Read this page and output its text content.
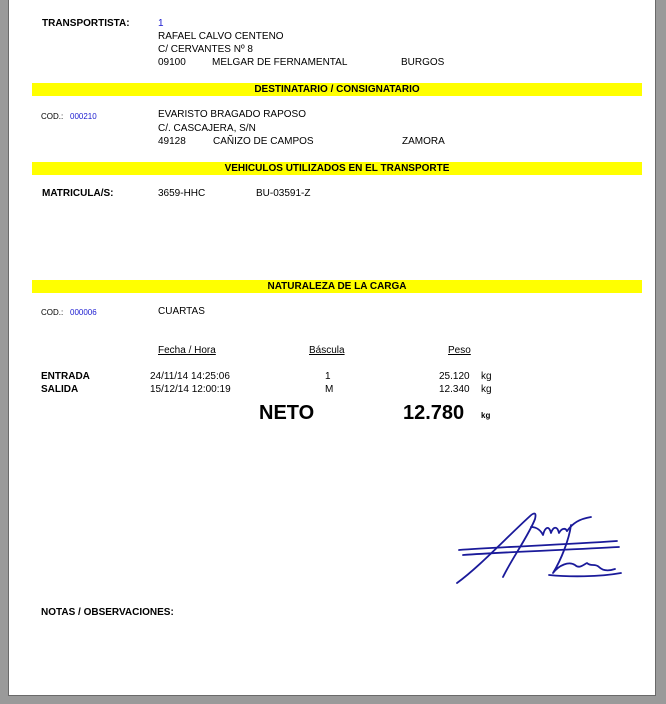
TRANSPORTISTA:	1
RAFAEL CALVO CENTENO
C/ CERVANTES Nº 8
09100	MELGAR DE FERNAMENTAL	BURGOS
DESTINATARIO / CONSIGNATARIO
COD.: 000210	EVARISTO BRAGADO RAPOSO
C/. CASCAJERA, S/N
49128	CAÑIZO DE CAMPOS	ZAMORA
VEHICULOS UTILIZADOS EN EL TRANSPORTE
MATRICULA/S:	3659-HHC	BU-03591-Z
NATURALEZA DE LA CARGA
COD.: 000006	CUARTAS
Fecha / Hora	Báscula	Peso
ENTRADA	24/11/14 14:25:06	1	25.120 kg
SALIDA	15/12/14 12:00:19	M	12.340 kg
NETO	12.780 kg
NOTAS / OBSERVACIONES:
